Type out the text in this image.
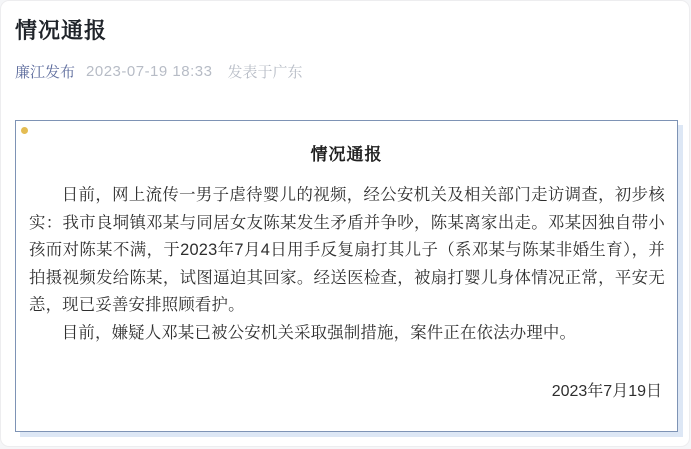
情况通报
廉江发布 2023-07-19 18:33 发表于广东
情况通报

日前，网上流传一男子虐待婴儿的视频，经公安机关及相关部门走访调查，初步核实：我市良垌镇邓某与同居女友陈某发生矛盾并争吵，陈某离家出走。邓某因独自带小孩而对陈某不满，于2023年7月4日用手反复扇打其儿子（系邓某与陈某非婚生育），并拍摄视频发给陈某，试图逼迫其回家。经送医检查，被扇打婴儿身体情况正常，平安无恙，现已妥善安排照顾看护。

目前，嫌疑人邓某已被公安机关采取强制措施，案件正在依法办理中。

2023年7月19日
